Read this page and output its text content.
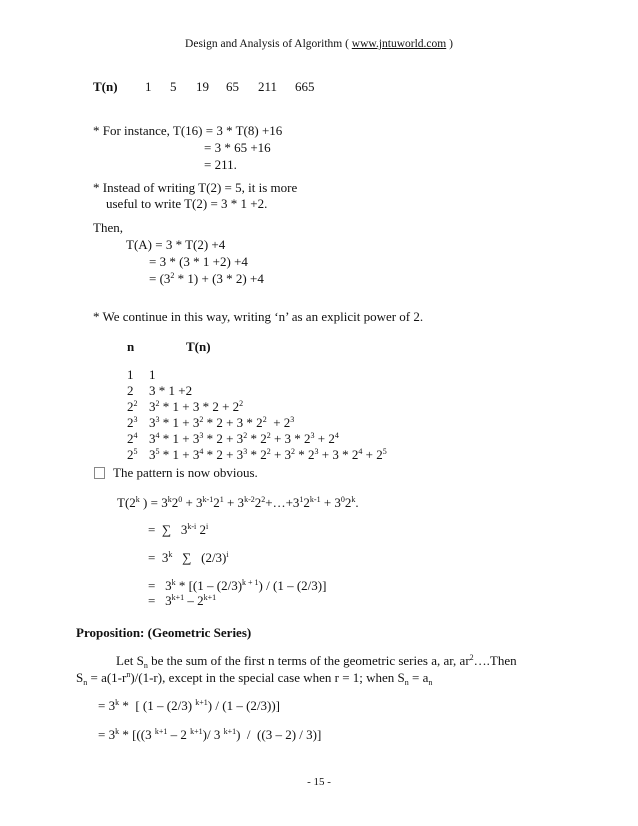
Design and Analysis of Algorithm ( www.jntuworld.com )
T(n) 1 5 19 65 211 665
* For instance, T(16) = 3 * T(8) +16
= 3 * 65 +16
= 211.
* Instead of writing T(2) = 5, it is more
useful to write T(2) = 3 * 1 +2.
Then,
T(A) = 3 * T(2) +4
= 3 * (3 * 1 +2) +4
= $(3^2 * 1) + (3 * 2) +4$
* We continue in this way, writing ‘n’ as an explicit power of 2.
n	T(n)
1 1
2 3 * 1 +2
$2^2$ $3^2 * 1 + 3 * 2 + 2^2$
$2^3$ $3^3 * 1 + 3^2 * 2 + 3 * 2^2 + 2^3$
$2^4$ $3^4 * 1 + 3^3 * 2 + 3^2 * 2^2 + 3 * 2^3 + 2^4$
$2^5$ $3^5 * 1 + 3^4 * 2 + 3^3 * 2^2 + 3^2 * 2^3 + 3 * 2^4 + 2^5$
The pattern is now obvious.
T(2$^k$ ) = $3^k2^0 + 3^{k-1}2^1$ + $3^{k-2}2^2+\dots+3^12^{k-1} + 3^02^k$.
=  ∑   3$^{k-i}$ $2^i$
=  3$^k$   ∑   $(2/3)^i$
=   $3^k * [(1 - (2/3)^{k + 1}) / (1 - (2/3)]$
=   $3^{k+1} - 2^{k+1}$
Proposition: (Geometric Series)
Let $S_n$ be the sum of the first n terms of the geometric series a, ar, $ar^2\dots.Then$
$S_n = a(1-r^n)/(1-r)$, except in the special case when r = 1; when $S_n = a_n$
= $3^k$ *  [ (1 – (2/3) $^{k+1}$) / (1 – (2/3))]
= $3^k * [((3$ $^{k+1}$ – 2 $^{k+1}$)/ 3 $^{k+1}$)  /  ((3 – 2) / 3)]
- 15 -
